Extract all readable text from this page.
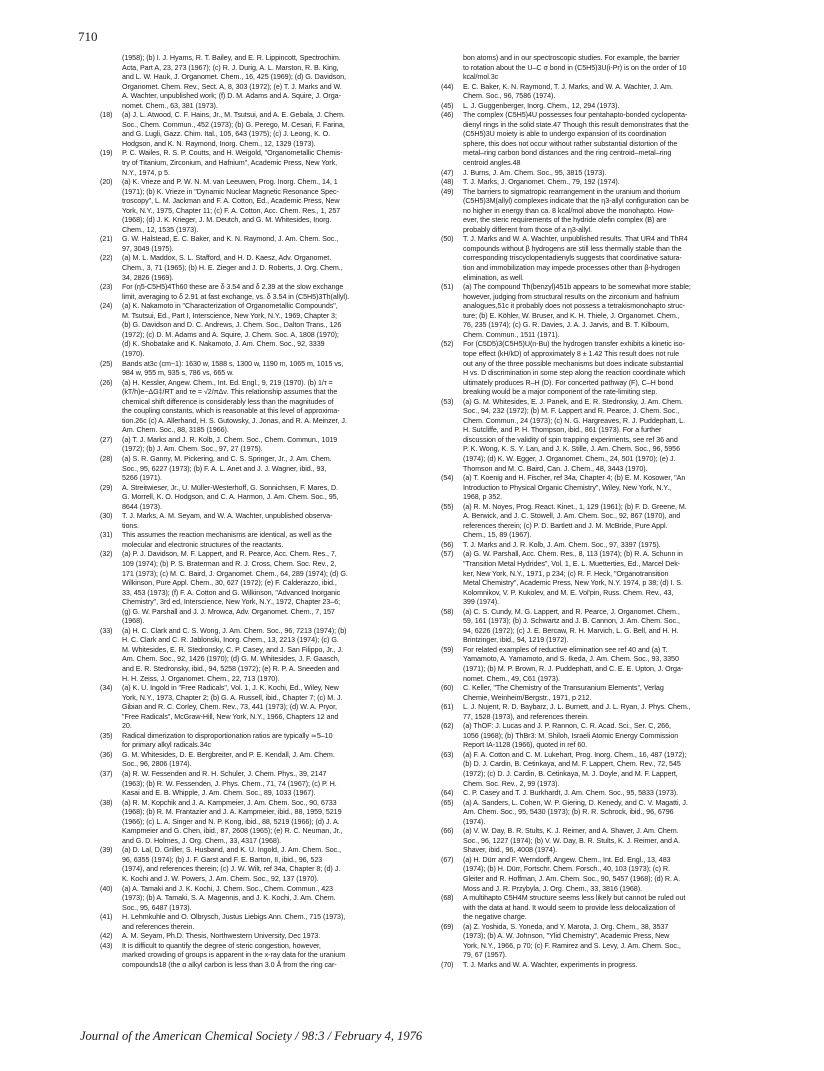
710
(1958); (b) I. J. Hyams, R. T. Bailey, and E. R. Lippincott, Spectrochim.
Acta, Part A, 23, 273 (1967); (c) R. J. Durig, A. L. Marston, R. B. King,
and L. W. Hauk, J. Organomet. Chem., 16, 425 (1969); (d) G. Davidson,
Organomet. Chem. Rev., Sect. A, 8, 303 (1972); (e) T. J. Marks and W.
A. Wachter, unpublished work; (f) D. M. Adams and A. Squire, J. Orga-
nomet. Chem., 63, 381 (1973).
(18) (a) J. L. Atwood, C. F. Hains, Jr., M. Tsutsui, and A. E. Gebala, J. Chem.
Soc., Chem. Commun., 452 (1973); (b) G. Perego, M. Cesari, F. Farina,
and G. Lugli, Gazz. Chim. Ital., 105, 643 (1975); (c) J. Leong, K. O.
Hodgson, and K. N. Raymond, Inorg. Chem., 12, 1329 (1973).
(19) P. C. Wailes, R. S. P. Coutts, and H. Weigold, "Organometallic Chemis-
try of Titanium, Zirconium, and Hafnium", Academic Press, New York,
N.Y., 1974, p 5.
(20) (a) K. Vrieze and P. W. N. M. van Leeuwen, Prog. Inorg. Chem., 14, 1
(1971); (b) K. Vrieze in "Dynamic Nuclear Magnetic Resonance Spec-
troscopy", L. M. Jackman and F. A. Cotton, Ed., Academic Press, New
York, N.Y., 1975, Chapter 11; (c) F. A. Cotton, Acc. Chem. Res., 1, 257
(1968); (d) J. K. Krieger, J. M. Deutch, and G. M. Whitesides, Inorg.
Chem., 12, 1535 (1973).
(21) G. W. Halstead, E. C. Baker, and K. N. Raymond, J. Am. Chem. Soc.,
97, 3049 (1975).
(22) (a) M. L. Maddox, S. L. Stafford, and H. D. Kaesz, Adv. Organomet.
Chem., 3, 71 (1965); (b) H. E. Zieger and J. D. Roberts, J. Org. Chem.,
34, 2826 (1969).
(23) For (η5-C5H5)4Th60 these are δ 3.54 and δ 2.39 at the slow exchange
limit, averaging to δ 2.91 at fast exchange, vs. δ 3.54 in (C5H5)3Th(allyl).
(24) (a) K. Nakamoto in "Characterization of Organometallic Compounds",
M. Tsutsui, Ed., Part I, Interscience, New York, N.Y., 1969, Chapter 3;
(b) G. Davidson and D. C. Andrews, J. Chem. Soc., Dalton Trans., 126
(1972); (c) D. M. Adams and A. Squire, J. Chem. Soc. A, 1808 (1970);
(d) K. Shobatake and K. Nakamoto, J. Am. Chem. Soc., 92, 3339
(1970).
(25) Bands at3c (cm−1): 1630 w, 1588 s, 1300 w, 1190 m, 1065 m, 1015 vs,
984 w, 955 m, 935 s, 786 vs, 665 w.
(26) (a) H. Kessler, Angew. Chem., Int. Ed. Engl., 9, 219 (1970). (b) 1/τ =
(kT/h)e−ΔG‡/RT and τe = √2/πΔν. This relationship assumes that the
chemical shift difference is considerably less than the magnitudes of
the coupling constants, which is reasonable at this level of approxima-
tion.26c (c) A. Allerhand, H. S. Gutowsky, J. Jonas, and R. A. Meinzer, J.
Am. Chem. Soc., 88, 3185 (1966).
(27) (a) T. J. Marks and J. R. Kolb, J. Chem. Soc., Chem. Commun., 1019
(1972); (b) J. Am. Chem. Soc., 97, 27 (1975).
(28) (a) S. R. Ganny, M. Pickering, and C. S. Springer, Jr., J. Am. Chem.
Soc., 95, 6227 (1973); (b) F. A. L. Anet and J. J. Wagner, ibid., 93,
5266 (1971).
(29) A. Streitwieser, Jr., U. Müller-Westerhoff, G. Sonnichsen, F. Mares, D.
G. Morrell, K. O. Hodgson, and C. A. Harmon, J. Am. Chem. Soc., 95,
8644 (1973).
(30) T. J. Marks, A. M. Seyam, and W. A. Wachter, unpublished observa-
tions.
(31) This assumes the reaction mechanisms are identical, as well as the
molecular and electronic structures of the reactants.
(32) (a) P. J. Davidson, M. F. Lappert, and R. Pearce, Acc. Chem. Res., 7,
109 (1974); (b) P. S. Braterman and R. J. Cross, Chem. Soc. Rev., 2,
171 (1973); (c) M. C. Baird, J. Organomet. Chem., 64, 289 (1974); (d) G.
Wilkinson, Pure Appl. Chem., 30, 627 (1972); (e) F. Calderazzo, ibid.,
33, 453 (1973); (f) F. A. Cotton and G. Wilkinson, "Advanced Inorganic
Chemistry", 3rd ed, Interscience, New York, N.Y., 1972, Chapter 23–6;
(g) G. W. Parshall and J. J. Mrowca, Adv. Organomet. Chem., 7, 157
(1968).
(33) (a) H. C. Clark and C. S. Wong, J. Am. Chem. Soc., 96, 7213 (1974); (b)
H. C. Clark and C. R. Jablonski, Inorg. Chem., 13, 2213 (1974); (c) G.
M. Whitesides, E. R. Stedronsky, C. P. Casey, and J. San Filippo, Jr., J.
Am. Chem. Soc., 92, 1426 (1970); (d) G. M. Whitesides, J. F. Gaasch,
and E. R. Stedronsky, ibid., 94, 5258 (1972); (e) R. P. A. Sneeden and
H. H. Zeiss, J. Organomet. Chem., 22, 713 (1970).
(34) (a) K. U. Ingold in "Free Radicals", Vol. 1, J. K. Kochi, Ed., Wiley, New
York, N.Y., 1973, Chapter 2; (b) G. A. Russell, ibid., Chapter 7; (c) M. J.
Gibian and R. C. Corley, Chem. Rev., 73, 441 (1973); (d) W. A. Pryor,
"Free Radicals", McGraw-Hill, New York, N.Y., 1966, Chapters 12 and
20.
(35) Radical dimerization to disproportionation ratios are typically ≃5–10
for primary alkyl radicals.34c
(36) G. M. Whitesides, D. E. Bergbreiter, and P. E. Kendall, J. Am. Chem.
Soc., 96, 2806 (1974).
(37) (a) R. W. Fessenden and R. H. Schuler, J. Chem. Phys., 39, 2147
(1963); (b) R. W. Fessenden, J. Phys. Chem., 71, 74 (1967); (c) P. H.
Kasai and E. B. Whipple, J. Am. Chem. Soc., 89, 1033 (1967).
(38) (a) R. M. Kopchik and J. A. Kampmeier, J. Am. Chem. Soc., 90, 6733
(1968); (b) R. M. Frantazier and J. A. Kampmeier, ibid., 88, 1959, 5219
(1966); (c) L. A. Singer and N. P. Kong, ibid., 88, 5219 (1966); (d) J. A.
Kampmeier and G. Chen, ibid., 87, 2608 (1965); (e) R. C. Neuman, Jr.,
and G. D. Holmes, J. Org. Chem., 33, 4317 (1968).
(39) (a) D. Lal, D. Griller, S. Husband, and K. U. Ingold, J. Am. Chem. Soc.,
96, 6355 (1974); (b) J. F. Garst and F. E. Barton, II, ibid., 96, 523
(1974), and references therein; (c) J. W. Wilt, ref 34a, Chapter 8; (d) J.
K. Kochi and J. W. Powers, J. Am. Chem. Soc., 92, 137 (1970).
(40) (a) A. Tamaki and J. K. Kochi, J. Chem. Soc., Chem. Commun., 423
(1973); (b) A. Tamaki, S. A. Magennis, and J. K. Kochi, J. Am. Chem.
Soc., 95, 6487 (1973).
(41) H. Lehmkuhle and O. Olbrysch, Justus Liebigs Ann. Chem., 715 (1973),
and references therein.
(42) A. M. Seyam, Ph.D. Thesis, Northwestern University, Dec 1973.
(43) It is difficult to quantify the degree of steric congestion, however,
marked crowding of groups is apparent in the x-ray data for the uranium
compounds18 (the α alkyl carbon is less than 3.0 Å from the ring car-
bon atoms) and in our spectroscopic studies. For example, the barrier
to rotation about the U–C σ bond in (C5H5)3U(i-Pr) is on the order of 10
kcal/mol.3c
(44) E. C. Baker, K. N. Raymond, T. J. Marks, and W. A. Wachter, J. Am.
Chem. Soc., 96, 7586 (1974).
(45) L. J. Guggenberger, Inorg. Chem., 12, 294 (1973).
(46) The complex (C5H5)4U possesses four pentahapto-bonded cyclopenta-
dienyl rings in the solid state.47 Though this result demonstrates that the
(C5H5)3U moiety is able to undergo expansion of its coordination
sphere, this does not occur without rather substantial distortion of the
metal–ring carbon bond distances and the ring centroid–metal–ring
centroid angles.48
(47) J. Burns, J. Am. Chem. Soc., 95, 3815 (1973).
(48) T. J. Marks, J. Organomet. Chem., 79, 192 (1974).
(49) The barriers to sigmatropic rearrangement in the uranium and thorium
(C5H5)3M(allyl) complexes indicate that the η3-allyl configuration can be
no higher in energy than ca. 8 kcal/mol above the monohapto. How-
ever, the steric requirements of the hydride olefin complex (B) are
probably different from those of a η3-allyl.
(50) T. J. Marks and W. A. Wachter, unpublished results. That UR4 and ThR4
compounds without β hydrogens are still less thermally stable than the
corresponding triscyclopentadienyls suggests that coordinative satura-
tion and immobilization may impede processes other than β-hydrogen
elimination, as well.
(51) (a) The compound Th(benzyl)451b appears to be somewhat more stable;
however, judging from structural results on the zirconium and hafnium
analogues,51c it probably does not possess a tetrakismonohapto struc-
ture; (b) E. Köhler, W. Bruser, and K. H. Thiele, J. Organomet. Chem.,
76, 235 (1974); (c) G. R. Davies, J. A. J. Jarvis, and B. T. Kilbourn,
Chem. Commun., 1511 (1971).
(52) For (C5D5)3(C5H5)U(n-Bu) the hydrogen transfer exhibits a kinetic iso-
tope effect (kH/kD) of approximately 8 ± 1.42 This result does not rule
out any of the three possible mechanisms but does indicate substantial
H vs. D discrimination in some step along the reaction coordinate which
ultimately produces R–H (D). For concerted pathway (F), C–H bond
breaking would be a major component of the rate-limiting step.
(53) (a) G. M. Whitesides, E. J. Panek, and E. R. Stedronsky, J. Am. Chem.
Soc., 94, 232 (1972); (b) M. F. Lappert and R. Pearce, J. Chem. Soc.,
Chem. Commun., 24 (1973); (c) N. G. Hargreaves, R. J. Puddephatt, L.
H. Sutcliffe, and P. H. Thompson, ibid., 861 (1973). For a further
discussion of the validity of spin trapping experiments, see ref 36 and
P. K. Wong, K. S. Y. Lan, and J. K. Stille, J. Am. Chem. Soc., 96, 5956
(1974); (d) K. W. Egger, J. Organomet. Chem., 24, 501 (1970); (e) J.
Thomson and M. C. Baird, Can. J. Chem., 48, 3443 (1970).
(54) (a) T. Koenig and H. Fischer, ref 34a, Chapter 4; (b) E. M. Kosower, "An
Introduction to Physical Organic Chemistry", Wiley, New York, N.Y.,
1968, p 352.
(55) (a) R. M. Noyes, Prog. React. Kinet., 1, 129 (1961); (b) F. D. Greene, M.
A. Berwick, and J. C. Stowell, J. Am. Chem. Soc., 92, 867 (1970), and
references therein; (c) P. D. Bartlett and J. M. McBride, Pure Appl.
Chem., 15, 89 (1967).
(56) T. J. Marks and J. R. Kolb, J. Am. Chem. Soc., 97, 3397 (1975).
(57) (a) G. W. Parshall, Acc. Chem. Res., 8, 113 (1974); (b) R. A. Schunn in
"Transition Metal Hydrides", Vol. 1, E. L. Muetterties, Ed., Marcel Dek-
ker, New York, N.Y., 1971, p 234; (c) R. F. Heck, "Organotransition
Metal Chemistry", Academic Press, New York, N.Y. 1974, p 38; (d) I. S.
Kolomnikov, V. P. Kukolev, and M. E. Vol'pin, Russ. Chem. Rev., 43,
399 (1974).
(58) (a) C. S. Cundy, M. G. Lappert, and R. Pearce, J. Organomet. Chem.,
59, 161 (1973); (b) J. Schwartz and J. B. Cannon, J. Am. Chem. Soc.,
94, 6226 (1972); (c) J. E. Bercaw, R. H. Marvich, L. G. Bell, and H. H.
Brintzinger, ibid., 94, 1219 (1972).
(59) For related examples of reductive elimination see ref 40 and (a) T.
Yamamoto, A. Yamamoto, and S. Ikeda, J. Am. Chem. Soc., 93, 3350
(1971); (b) M. P. Brown, R. J. Puddephatt, and C. E. E. Upton, J. Orga-
nomet. Chem., 49, C61 (1973).
(60) C. Keller, "The Chemistry of the Transuranium Elements", Verlag
Chemie, Weinheim/Bergstr., 1971, p 212.
(61) L. J. Nujent, R. D. Baybarz, J. L. Burnett, and J. L. Ryan, J. Phys. Chem.,
77, 1528 (1973), and references therein.
(62) (a) ThOF: J. Lucas and J. P. Rannon, C. R. Acad. Sci., Ser. C, 266,
1056 (1968); (b) ThBr3: M. Shiloh, Israeli Atomic Energy Commission
Report IA-1128 (1966), quoted in ref 60.
(63) (a) F. A. Cotton and C. M. Lukehart, Prog. Inorg. Chem., 16, 487 (1972);
(b) D. J. Cardin, B. Cetinkaya, and M. F. Lappert, Chem. Rev., 72, 545
(1972); (c) D. J. Cardin, B. Cetinkaya, M. J. Doyle, and M. F. Lappert,
Chem. Soc. Rev., 2, 99 (1973).
(64) C. P. Casey and T. J. Burkhardt, J. Am. Chem. Soc., 95, 5833 (1973).
(65) (a) A. Sanders, L. Cohen, W. P. Giering, D. Kenedy, and C. V. Magatti, J.
Am. Chem. Soc., 95, 5430 (1973); (b) R. R. Schrock, ibid., 96, 6796
(1974).
(66) (a) V. W. Day, B. R. Stults, K. J. Reimer, and A. Shaver, J. Am. Chem.
Soc., 96, 1227 (1974); (b) V. W. Day, B. R. Stults, K. J. Reimer, and A.
Shaver, ibid., 96, 4008 (1974).
(67) (a) H. Dürr and F. Werndorff, Angew. Chem., Int. Ed. Engl., 13, 483
(1974); (b) H. Dürr, Fortschr. Chem. Forsch., 40, 103 (1973); (c) R.
Gleiter and R. Hoffman, J. Am. Chem. Soc., 90, 5457 (1968); (d) R. A.
Moss and J. R. Przybyla, J. Org. Chem., 33, 3816 (1968).
(68) A multihapto C5H4M structure seems less likely but cannot be ruled out
with the data at hand. It would seem to provide less delocalization of
the negative charge.
(69) (a) Z. Yoshida, S. Yoneda, and Y. Marota, J. Org. Chem., 38, 3537
(1973); (b) A. W. Johnson, "Ylid Chemistry", Academic Press, New
York, N.Y., 1966, p 70; (c) F. Ramirez and S. Levy, J. Am. Chem. Soc.,
79, 67 (1957).
(70) T. J. Marks and W. A. Wachter, experiments in progress.
Journal of the American Chemical Society / 98:3 / February 4, 1976
